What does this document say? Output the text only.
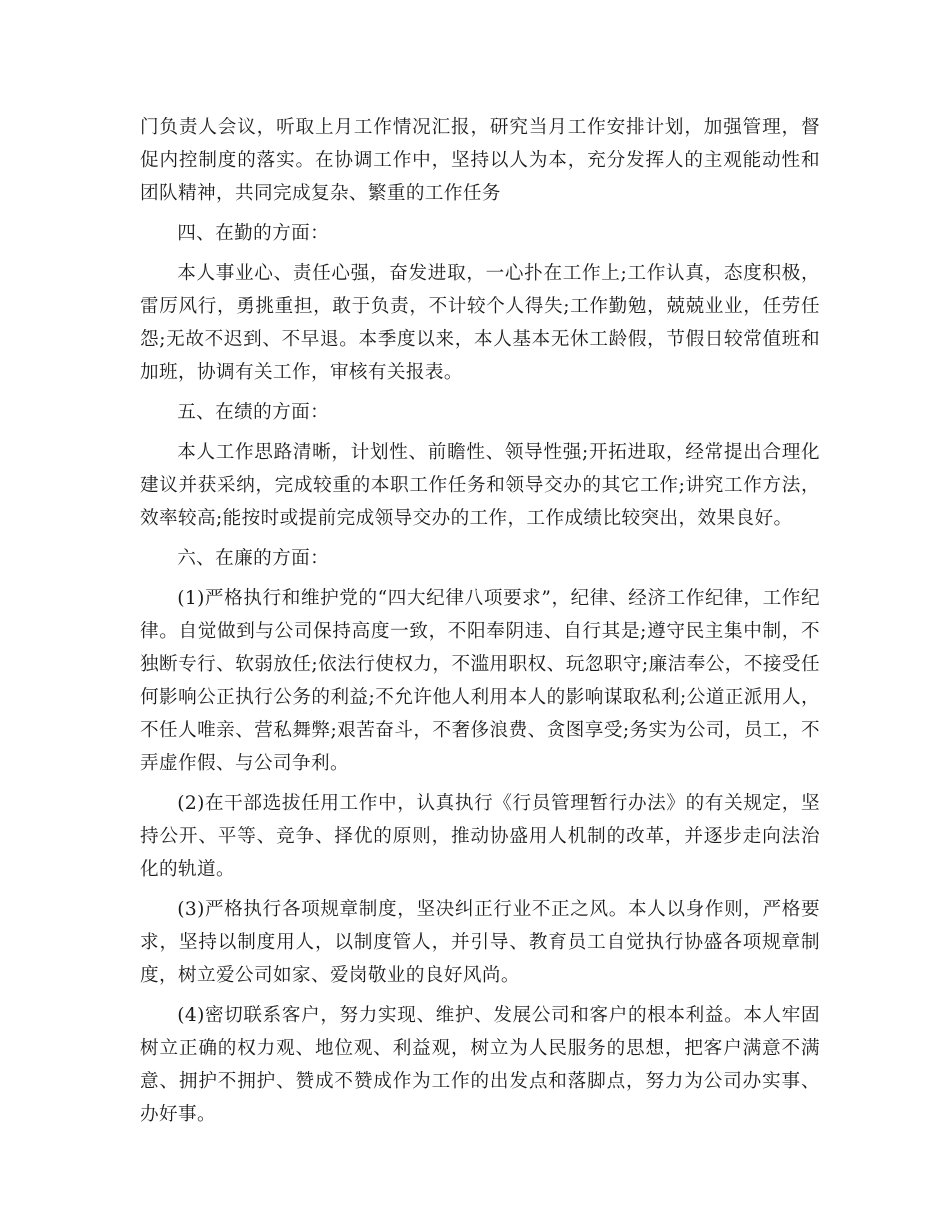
门负责人会议，听取上月工作情况汇报，研究当月工作安排计划，加强管理，督促内控制度的落实。在协调工作中，坚持以人为本，充分发挥人的主观能动性和团队精神，共同完成复杂、繁重的工作任务

四、在勤的方面：

本人事业心、责任心强，奋发进取，一心扑在工作上;工作认真，态度积极，雷厉风行，勇挑重担，敢于负责，不计较个人得失;工作勤勉，兢兢业业，任劳任怨;无故不迟到、不早退。本季度以来，本人基本无休工龄假，节假日较常值班和加班，协调有关工作，审核有关报表。

五、在绩的方面：

本人工作思路清晰，计划性、前瞻性、领导性强;开拓进取，经常提出合理化建议并获采纳，完成较重的本职工作任务和领导交办的其它工作;讲究工作方法，效率较高;能按时或提前完成领导交办的工作，工作成绩比较突出，效果良好。

六、在廉的方面：

(1)严格执行和维护党的“四大纪律八项要求”，纪律、经济工作纪律，工作纪律。自觉做到与公司保持高度一致，不阳奉阴违、自行其是;遵守民主集中制，不独断专行、软弱放任;依法行使权力，不滥用职权、玩忽职守;廉洁奉公，不接受任何影响公正执行公务的利益;不允许他人利用本人的影响谋取私利;公道正派用人，不任人唯亲、营私舞弊;艰苦奋斗，不奢侈浪费、贪图享受;务实为公司，员工，不弄虚作假、与公司争利。

(2)在干部选拔任用工作中，认真执行《行员管理暂行办法》的有关规定，坚持公开、平等、竞争、择优的原则，推动协盛用人机制的改革，并逐步走向法治化的轨道。

(3)严格执行各项规章制度，坚决纠正行业不正之风。本人以身作则，严格要求，坚持以制度用人，以制度管人，并引导、教育员工自觉执行协盛各项规章制度，树立爱公司如家、爱岗敬业的良好风尚。

(4)密切联系客户，努力实现、维护、发展公司和客户的根本利益。本人牢固树立正确的权力观、地位观、利益观，树立为人民服务的思想，把客户满意不满意、拥护不拥护、赞成不赞成作为工作的出发点和落脚点，努力为公司办实事、办好事。
